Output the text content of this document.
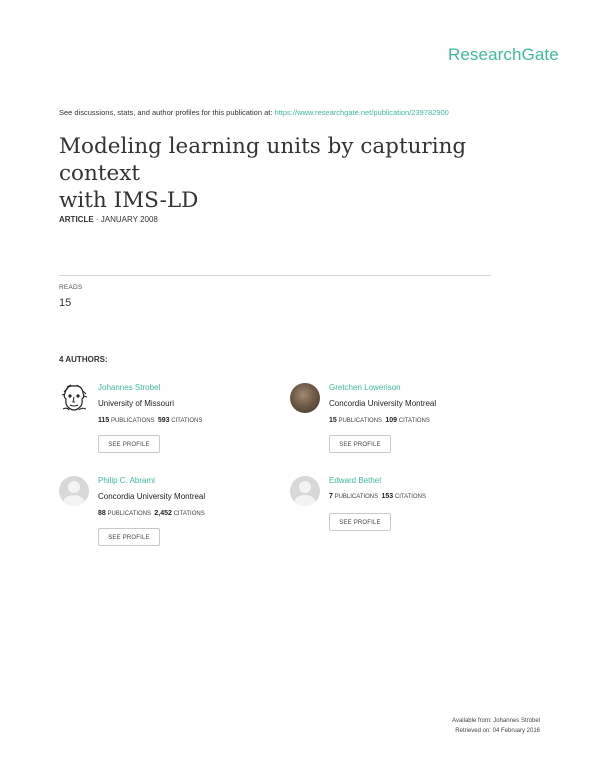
ResearchGate
See discussions, stats, and author profiles for this publication at: https://www.researchgate.net/publication/239782900
Modeling learning units by capturing context
with IMS-LD
ARTICLE · JANUARY 2008
READS
15
4 AUTHORS:
Johannes Strobel
University of Missouri
115 PUBLICATIONS 593 CITATIONS
SEE PROFILE
Gretchen Lowerison
Concordia University Montreal
15 PUBLICATIONS 109 CITATIONS
SEE PROFILE
Philip C. Abrami
Concordia University Montreal
88 PUBLICATIONS 2,452 CITATIONS
SEE PROFILE
Edward Bethel
7 PUBLICATIONS 153 CITATIONS
SEE PROFILE
Available from: Johannes Strobel
Retrieved on: 04 February 2016
